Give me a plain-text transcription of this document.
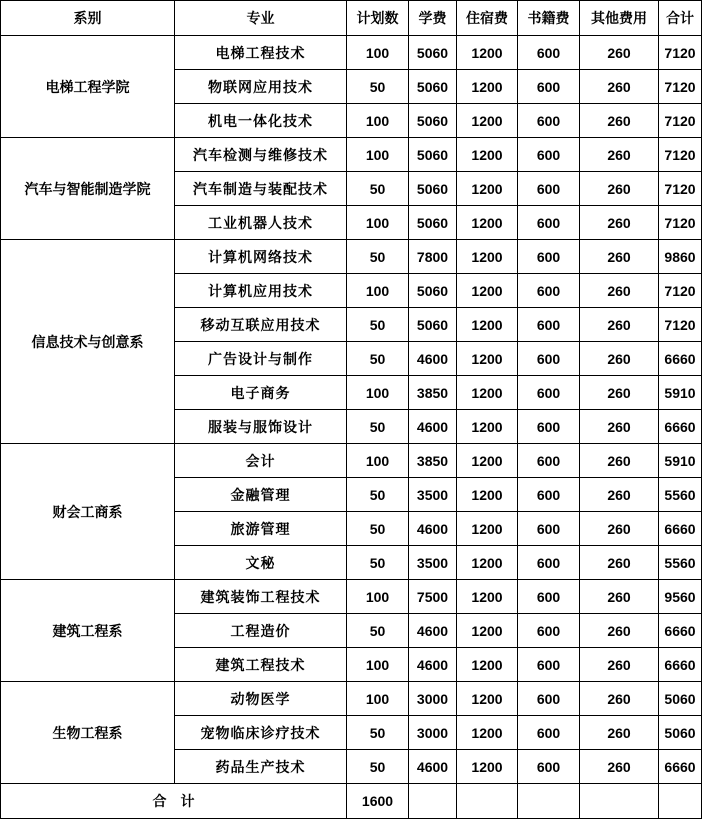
系别	专业	计划数	学费	住宿费	书籍费	其他费用	合计
电梯工程学院	电梯工程技术	100	5060	1200	600	260	7120
	物联网应用技术	50	5060	1200	600	260	7120
	机电一体化技术	100	5060	1200	600	260	7120
汽车与智能制造学院	汽车检测与维修技术	100	5060	1200	600	260	7120
	汽车制造与装配技术	50	5060	1200	600	260	7120
	工业机器人技术	100	5060	1200	600	260	7120
信息技术与创意系	计算机网络技术	50	7800	1200	600	260	9860
	计算机应用技术	100	5060	1200	600	260	7120
	移动互联应用技术	50	5060	1200	600	260	7120
	广告设计与制作	50	4600	1200	600	260	6660
	电子商务	100	3850	1200	600	260	5910
	服装与服饰设计	50	4600	1200	600	260	6660
财会工商系	会计	100	3850	1200	600	260	5910
	金融管理	50	3500	1200	600	260	5560
	旅游管理	50	4600	1200	600	260	6660
	文秘	50	3500	1200	600	260	5560
建筑工程系	建筑装饰工程技术	100	7500	1200	600	260	9560
	工程造价	50	4600	1200	600	260	6660
	建筑工程技术	100	4600	1200	600	260	6660
生物工程系	动物医学	100	3000	1200	600	260	5060
	宠物临床诊疗技术	50	3000	1200	600	260	5060
	药品生产技术	50	4600	1200	600	260	6660
合　计		1600					
